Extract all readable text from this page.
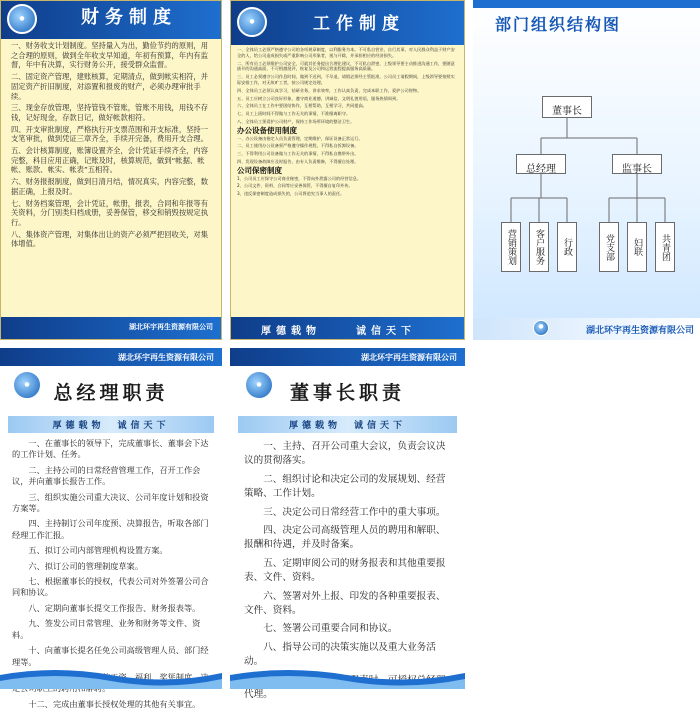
●	财务制度

一、财务收支计划制度。坚持量入为出，勤俭节约的原则，用之合理的原则，做到全年收支早知道，年初有预算，年内有监督，年中有决算，实行财务公开，接受群众监督。

二、固定资产管理，建账核算，定期清点，做到帐实相符，并固定资产折旧制度，对添置和报废的财产，必须办理审批手续。

三、现金存放管理，坚持管钱不管账，管账不用钱，用钱不存钱，记好现金，存款日记，做好帐款相符。

四、开支审批制度，严格执行开支票范围和开支标准，坚持一支笔审批，做到凭证三章齐全，手续开完备，费用开支合理。

五、会计核算制度，账簿设置齐全，会计凭证手续齐全，内容完整，科目应用正确，记账及时，核算规范，做到“帐据、帐帐、账款、帐实、帐表”五相符。

六、财务报报制度，做到日清月结，情况真实，内容完整，数据正确，上报及时。

七、财务档案管理，会计凭证，帐册，报表，合同和年报等有关资料，分门别类归档成册，妥善保管，移交和销毁按规定执行。

八、集体资产管理，对集体出让的资产必须严把回收关，对集体增值。

湖北环宇再生资源有限公司
●	工作制度

一、全体员工必须严格遵守公司的各项规章制度，以利服务为本。不可私自营业，自行其事，对人民群众利益于财产安全的人，给公司造成损失或严重影响公司形象者，视与开除，并承担相应的经济损失。

二、所有员工必须维护公司安全，可就其任务提出合理化建议，不可私自泄密，上级领导要主动推进沟通工作，要随意拔开的沟通高面，不可相激批评，恢复及公司和运营流程提高服务高质量。

三、员工必须遵守公司作息时间，做到不迟到，不早退，请假必须经主管批准，公司员工请假期间，上级领导要按照实际安排工作，对无故旷工者，按公司规定处理。

四、全体员工必须认真学习，钻研业务，讲求效率，工作认真负责，完成本职工作，爱护公司财物。

五、员工应树立公司良好形象，遵守商业道德，讲诚信，文明礼貌用语，服务热情周到。

六、全体员工在工作中要团结协作，互相帮助，互相学习，共同提高。

七、员工上班时间不得做与工作无关的事情，不准擅离职守。

八、全体员工须爱护公司财产，保持工作场所环境的整洁卫生。

办公设备使用制度

一、办公设备由指定人员负责管理，定期维护，保证设备正常运行。

二、员工使用办公设备须严格遵守操作规程，不得私自拆卸设备。

三、不得利用公司设备做与工作无关的事情，不得私自携带外出。

四、发现设备故障应及时报告，由专人负责维修，不得擅自处理。

公司保密制度

1、公司员工应保守公司商业秘密，不得向外泄露公司的经营信息。

2、公司文件、资料、合同等应妥善保管，不得擅自复印外传。

3、违反保密制度造成损失的，公司将追究当事人的责任。

厚德载物	诚信天下
部门组织结构图
董事长
总经理	监事长
营销策划	客户服务	行政	党支部	妇联	共青团
●	湖北环宇再生资源有限公司
湖北环宇再生资源有限公司
●	总经理职责
厚德载物　诚信天下

一、在董事长的领导下，完成董事长、董事会下达的工作计划、任务。

二、主持公司的日常经营管理工作，召开工作会议，并向董事长报告工作。

三、组织实施公司重大决议、公司年度计划和投资方案等。

四、主持制订公司年度预、决算报告，听取各部门经理工作汇报。

五、拟订公司内部管理机构设置方案。

六、拟订公司的管理制度草案。

七、根据董事长的授权，代表公司对外签署公司合同和协议。

八、定期向董事长提交工作报告、财务报表等。

九、签发公司日常管理、业务和财务等文件、资料。

十、向董事长提名任免公司高级管理人员、部门经理等。

十二、完成由董事长授权处理的其他有关事宜。

湖北环宇再生资源有限公司
●	董事长职责
厚德载物　诚信天下

一、主持、召开公司重大会议，负责会议决议的贯彻落实。

二、组织讨论和决定公司的发展规划、经营策略、工作计划。

三、决定公司日常经营工作中的重大事项。

四、决定公司高级管理人员的聘用和解职、报酬和待遇，并及时备案。

五、定期审阅公司的财务报表和其他重要报表、文件、资料。

六、签署对外上报、印发的各种重要报表、文件、资料。

七、签署公司重要合同和协议。

八、指导公司的决策实施以及重大业务活动。

代理。
